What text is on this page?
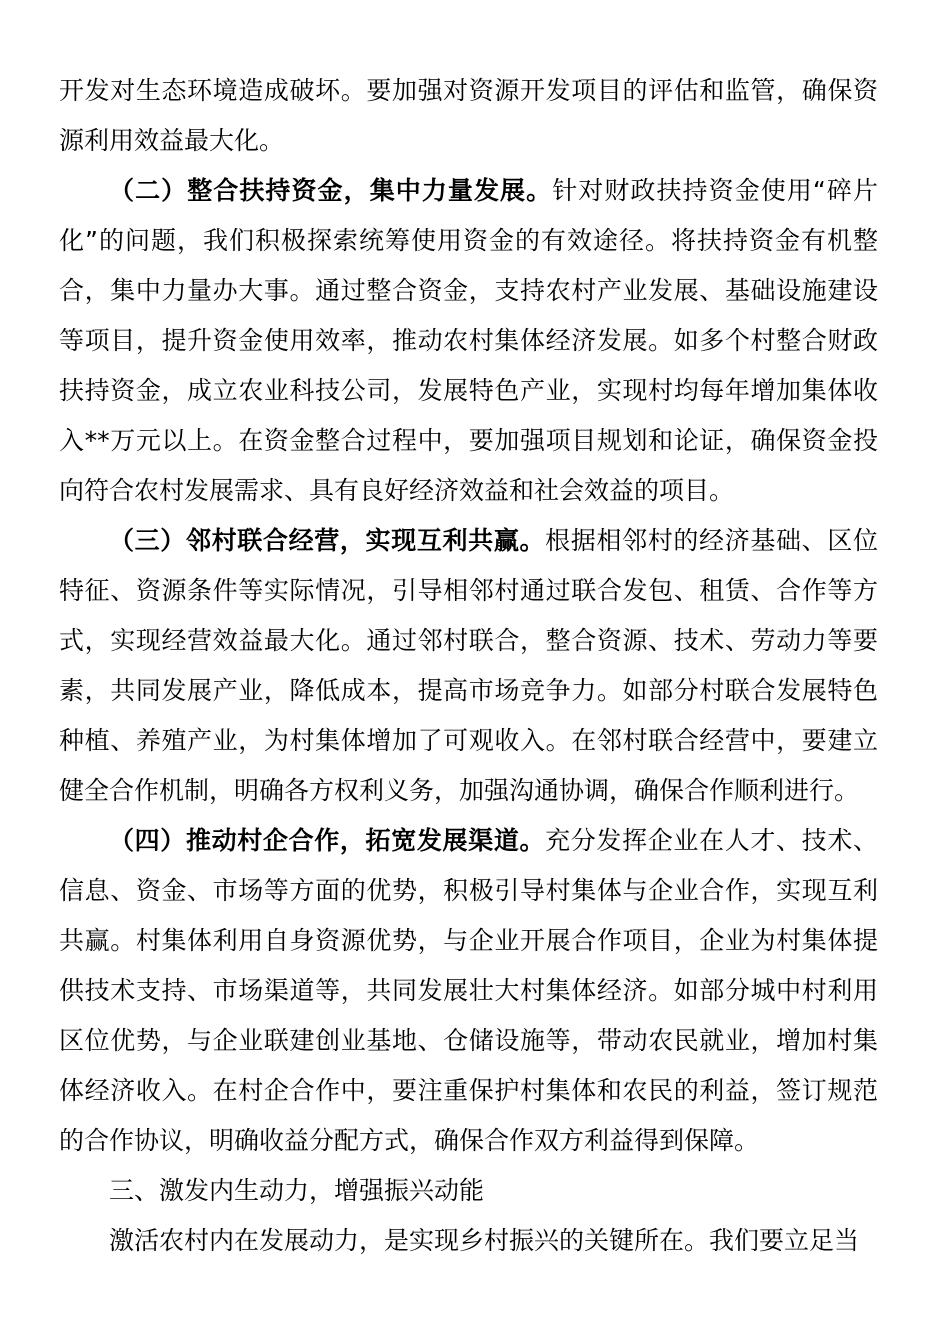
开发对生态环境造成破坏。要加强对资源开发项目的评估和监管，确保资源利用效益最大化。

（二）整合扶持资金，集中力量发展。针对财政扶持资金使用“碎片化”的问题，我们积极探索统筹使用资金的有效途径。将扶持资金有机整合，集中力量办大事。通过整合资金，支持农村产业发展、基础设施建设等项目，提升资金使用效率，推动农村集体经济发展。如多个村整合财政扶持资金，成立农业科技公司，发展特色产业，实现村均每年增加集体收入**万元以上。在资金整合过程中，要加强项目规划和论证，确保资金投向符合农村发展需求、具有良好经济效益和社会效益的项目。

（三）邻村联合经营，实现互利共赢。根据相邻村的经济基础、区位特征、资源条件等实际情况，引导相邻村通过联合发包、租赁、合作等方式，实现经营效益最大化。通过邻村联合，整合资源、技术、劳动力等要素，共同发展产业，降低成本，提高市场竞争力。如部分村联合发展特色种植、养殖产业，为村集体增加了可观收入。在邻村联合经营中，要建立健全合作机制，明确各方权利义务，加强沟通协调，确保合作顺利进行。

（四）推动村企合作，拓宽发展渠道。充分发挥企业在人才、技术、信息、资金、市场等方面的优势，积极引导村集体与企业合作，实现互利共赢。村集体利用自身资源优势，与企业开展合作项目，企业为村集体提供技术支持、市场渠道等，共同发展壮大村集体经济。如部分城中村利用区位优势，与企业联建创业基地、仓储设施等，带动农民就业，增加村集体经济收入。在村企合作中，要注重保护村集体和农民的利益，签订规范的合作协议，明确收益分配方式，确保合作双方利益得到保障。

三、激发内生动力，增强振兴动能

激活农村内在发展动力，是实现乡村振兴的关键所在。我们要立足当
